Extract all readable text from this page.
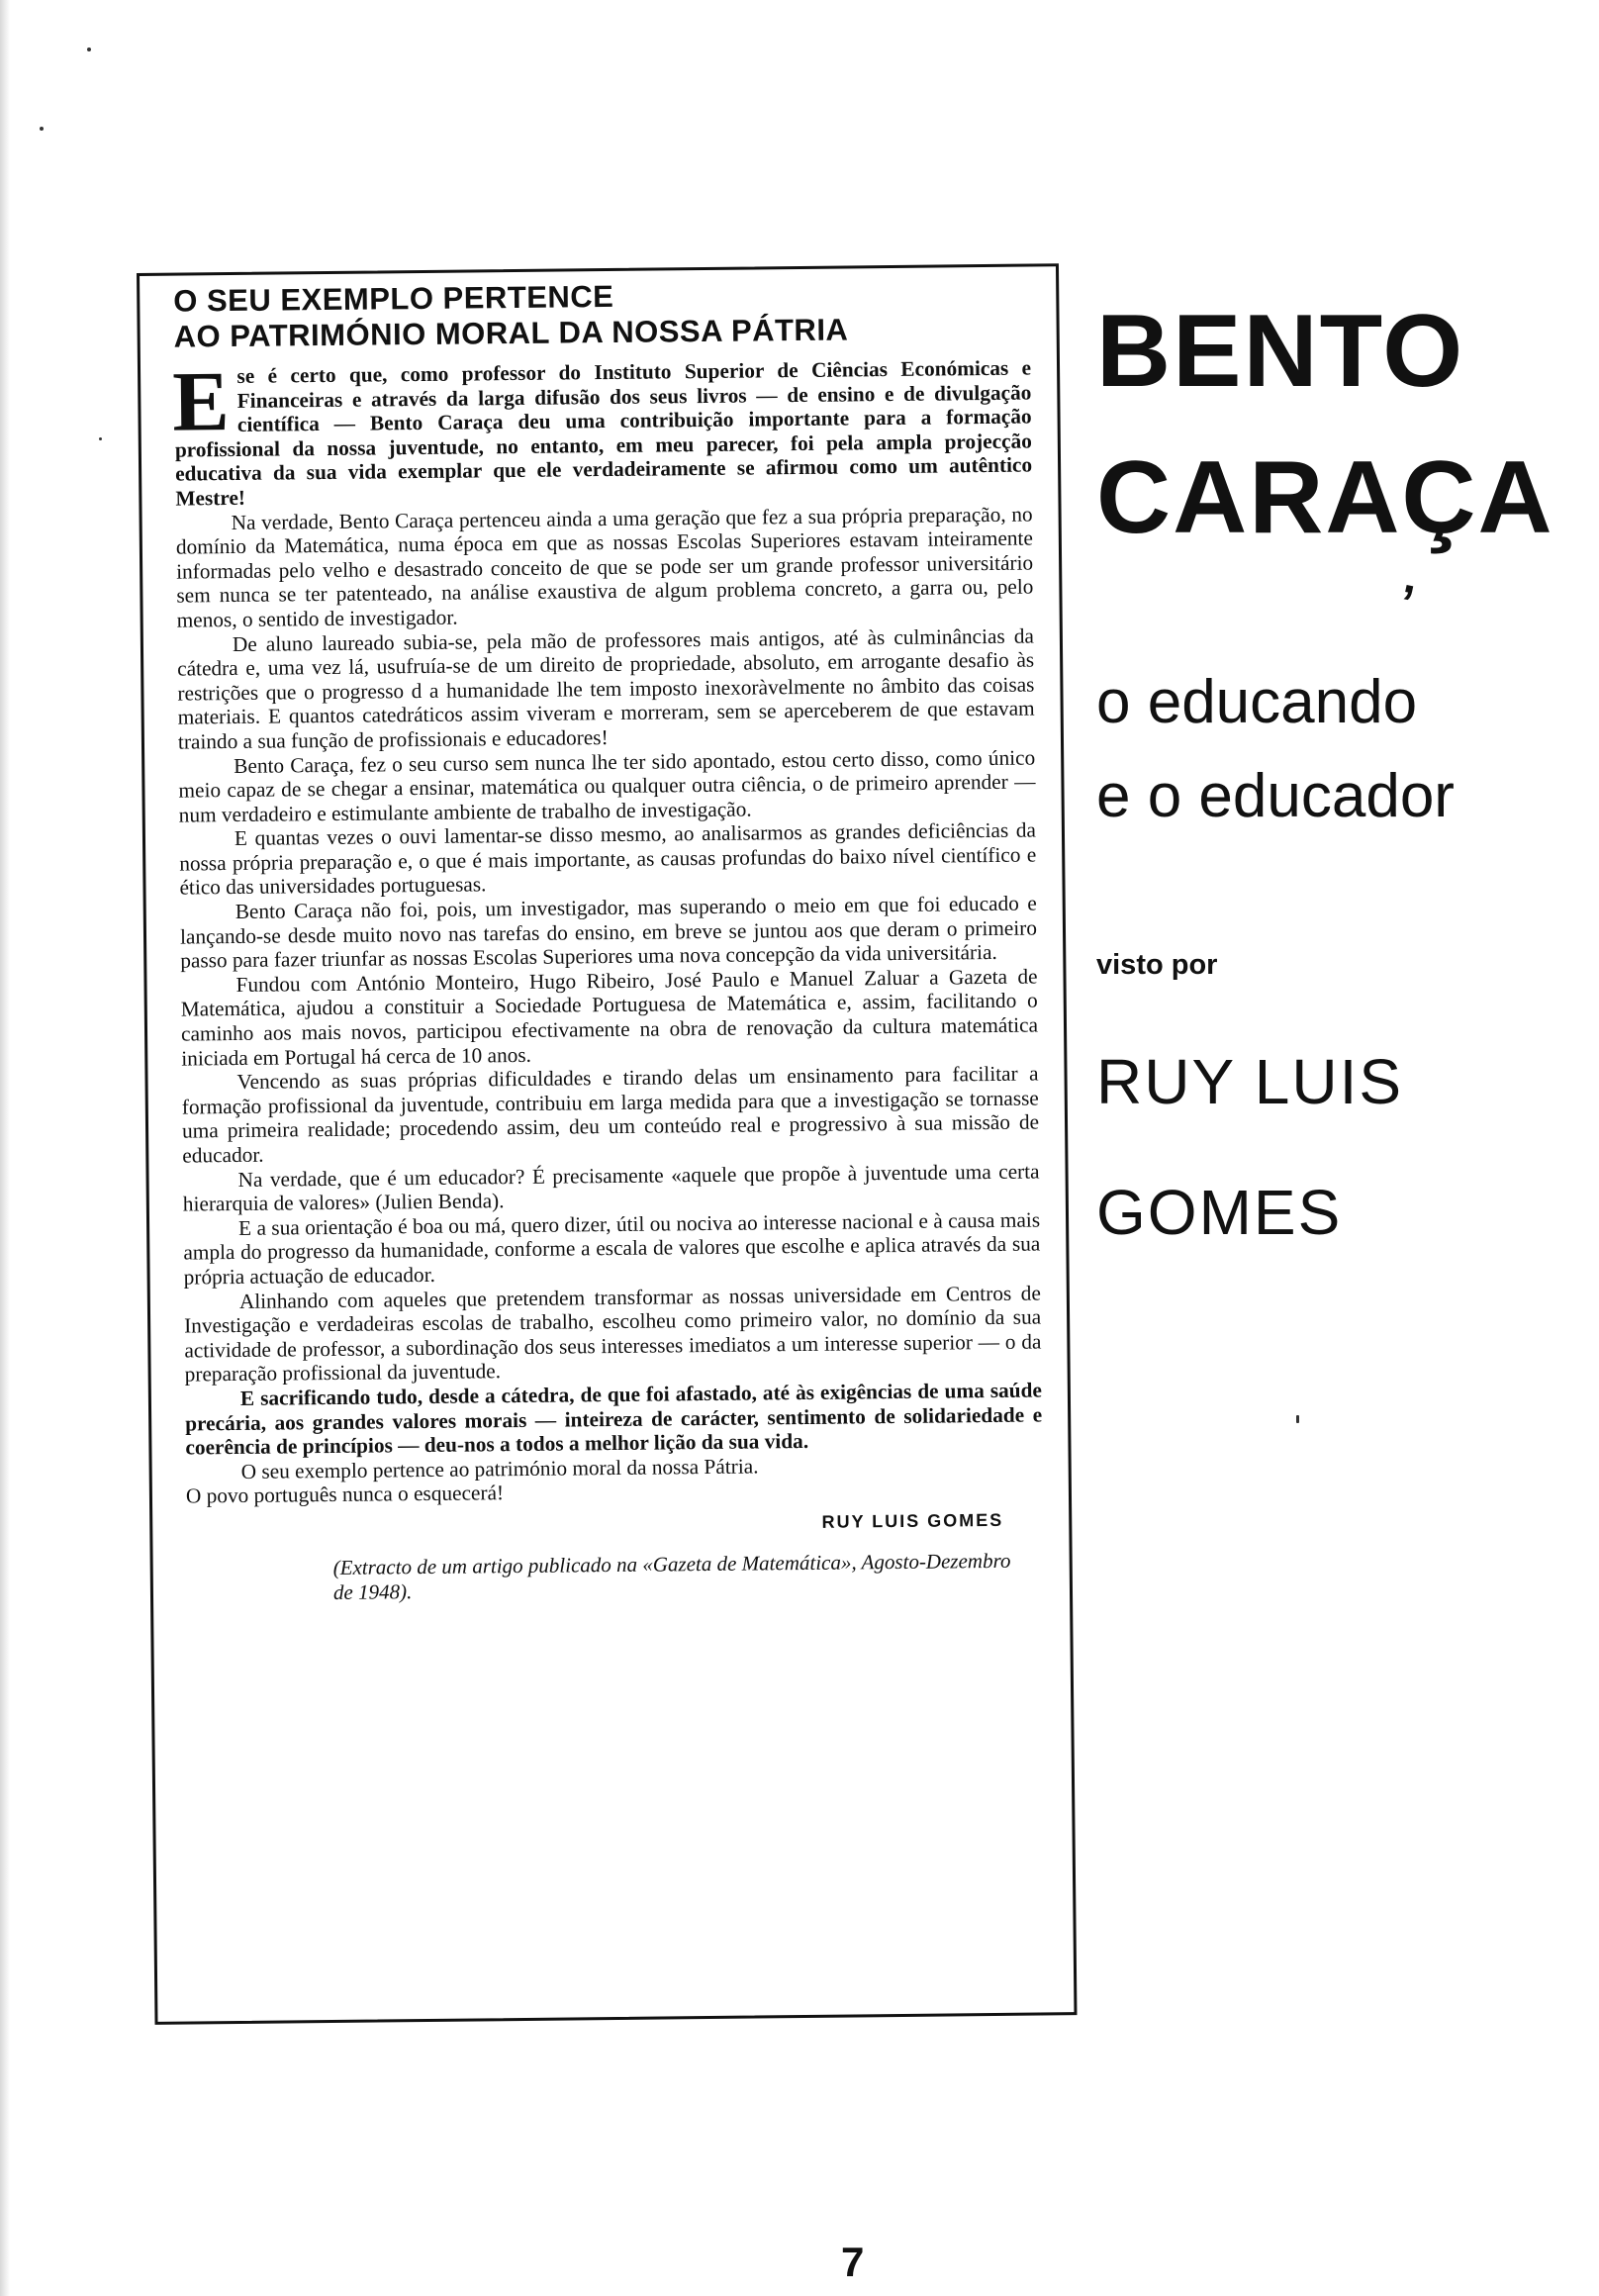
O SEU EXEMPLO PERTENCE
AO PATRIMÓNIO MORAL DA NOSSA PÁTRIA

Ese é certo que, como professor do Instituto Superior de Ciências Económicas e Financeiras e através da larga difusão dos seus livros — de ensino e de divulgação científica — Bento Caraça deu uma contribuição importante para a formação profissional da nossa juventude, no entanto, em meu parecer, foi pela ampla projecção educativa da sua vida exemplar que ele verdadeiramente se afirmou como um autêntico Mestre!

Na verdade, Bento Caraça pertenceu ainda a uma geração que fez a sua própria preparação, no domínio da Matemática, numa época em que as nossas Escolas Superiores estavam inteiramente informadas pelo velho e desastrado conceito de que se pode ser um grande professor universitário sem nunca se ter patenteado, na análise exaustiva de algum problema concreto, a garra ou, pelo menos, o sentido de investigador.

De aluno laureado subia-se, pela mão de professores mais antigos, até às culminâncias da cátedra e, uma vez lá, usufruía-se de um direito de propriedade, absoluto, em arrogante desafio às restrições que o progresso d a humanidade lhe tem imposto inexoràvelmente no âmbito das coisas materiais. E quantos catedráticos assim viveram e morreram, sem se aperceberem de que estavam traindo a sua função de profissionais e educadores!

Bento Caraça, fez o seu curso sem nunca lhe ter sido apontado, estou certo disso, como único meio capaz de se chegar a ensinar, matemática ou qualquer outra ciência, o de primeiro aprender — num verdadeiro e estimulante ambiente de trabalho de investigação.

E quantas vezes o ouvi lamentar-se disso mesmo, ao analisarmos as grandes deficiências da nossa própria preparação e, o que é mais importante, as causas profundas do baixo nível científico e ético das universidades portuguesas.

Bento Caraça não foi, pois, um investigador, mas superando o meio em que foi educado e lançando-se desde muito novo nas tarefas do ensino, em breve se juntou aos que deram o primeiro passo para fazer triunfar as nossas Escolas Superiores uma nova concepção da vida universitária.

Fundou com António Monteiro, Hugo Ribeiro, José Paulo e Manuel Zaluar a Gazeta de Matemática, ajudou a constituir a Sociedade Portuguesa de Matemática e, assim, facilitando o caminho aos mais novos, participou efectivamente na obra de renovação da cultura matemática iniciada em Portugal há cerca de 10 anos.

Vencendo as suas próprias dificuldades e tirando delas um ensinamento para facilitar a formação profissional da juventude, contribuiu em larga medida para que a investigação se tornasse uma primeira realidade; procedendo assim, deu um conteúdo real e progressivo à sua missão de educador.

Na verdade, que é um educador? É precisamente «aquele que propõe à juventude uma certa hierarquia de valores» (Julien Benda).

E a sua orientação é boa ou má, quero dizer, útil ou nociva ao interesse nacional e à causa mais ampla do progresso da humanidade, conforme a escala de valores que escolhe e aplica através da sua própria actuação de educador.

Alinhando com aqueles que pretendem transformar as nossas universidade em Centros de Investigação e verdadeiras escolas de trabalho, escolheu como primeiro valor, no domínio da sua actividade de professor, a subordinação dos seus interesses imediatos a um interesse superior — o da preparação profissional da juventude.

E sacrificando tudo, desde a cátedra, de que foi afastado, até às exigências de uma saúde precária, aos grandes valores morais — inteireza de carácter, sentimento de solidariedade e coerência de princípios — deu-nos a todos a melhor lição da sua vida.

O seu exemplo pertence ao património moral da nossa Pátria.

O povo português nunca o esquecerá!

RUY LUIS GOMES
(Extracto de um artigo publicado na «Gazeta de Matemática», Agosto-Dezembro de 1948).
BENTO
CARAÇA
,
o educando
e o educador
visto por
RUY LUIS
GOMES
7
